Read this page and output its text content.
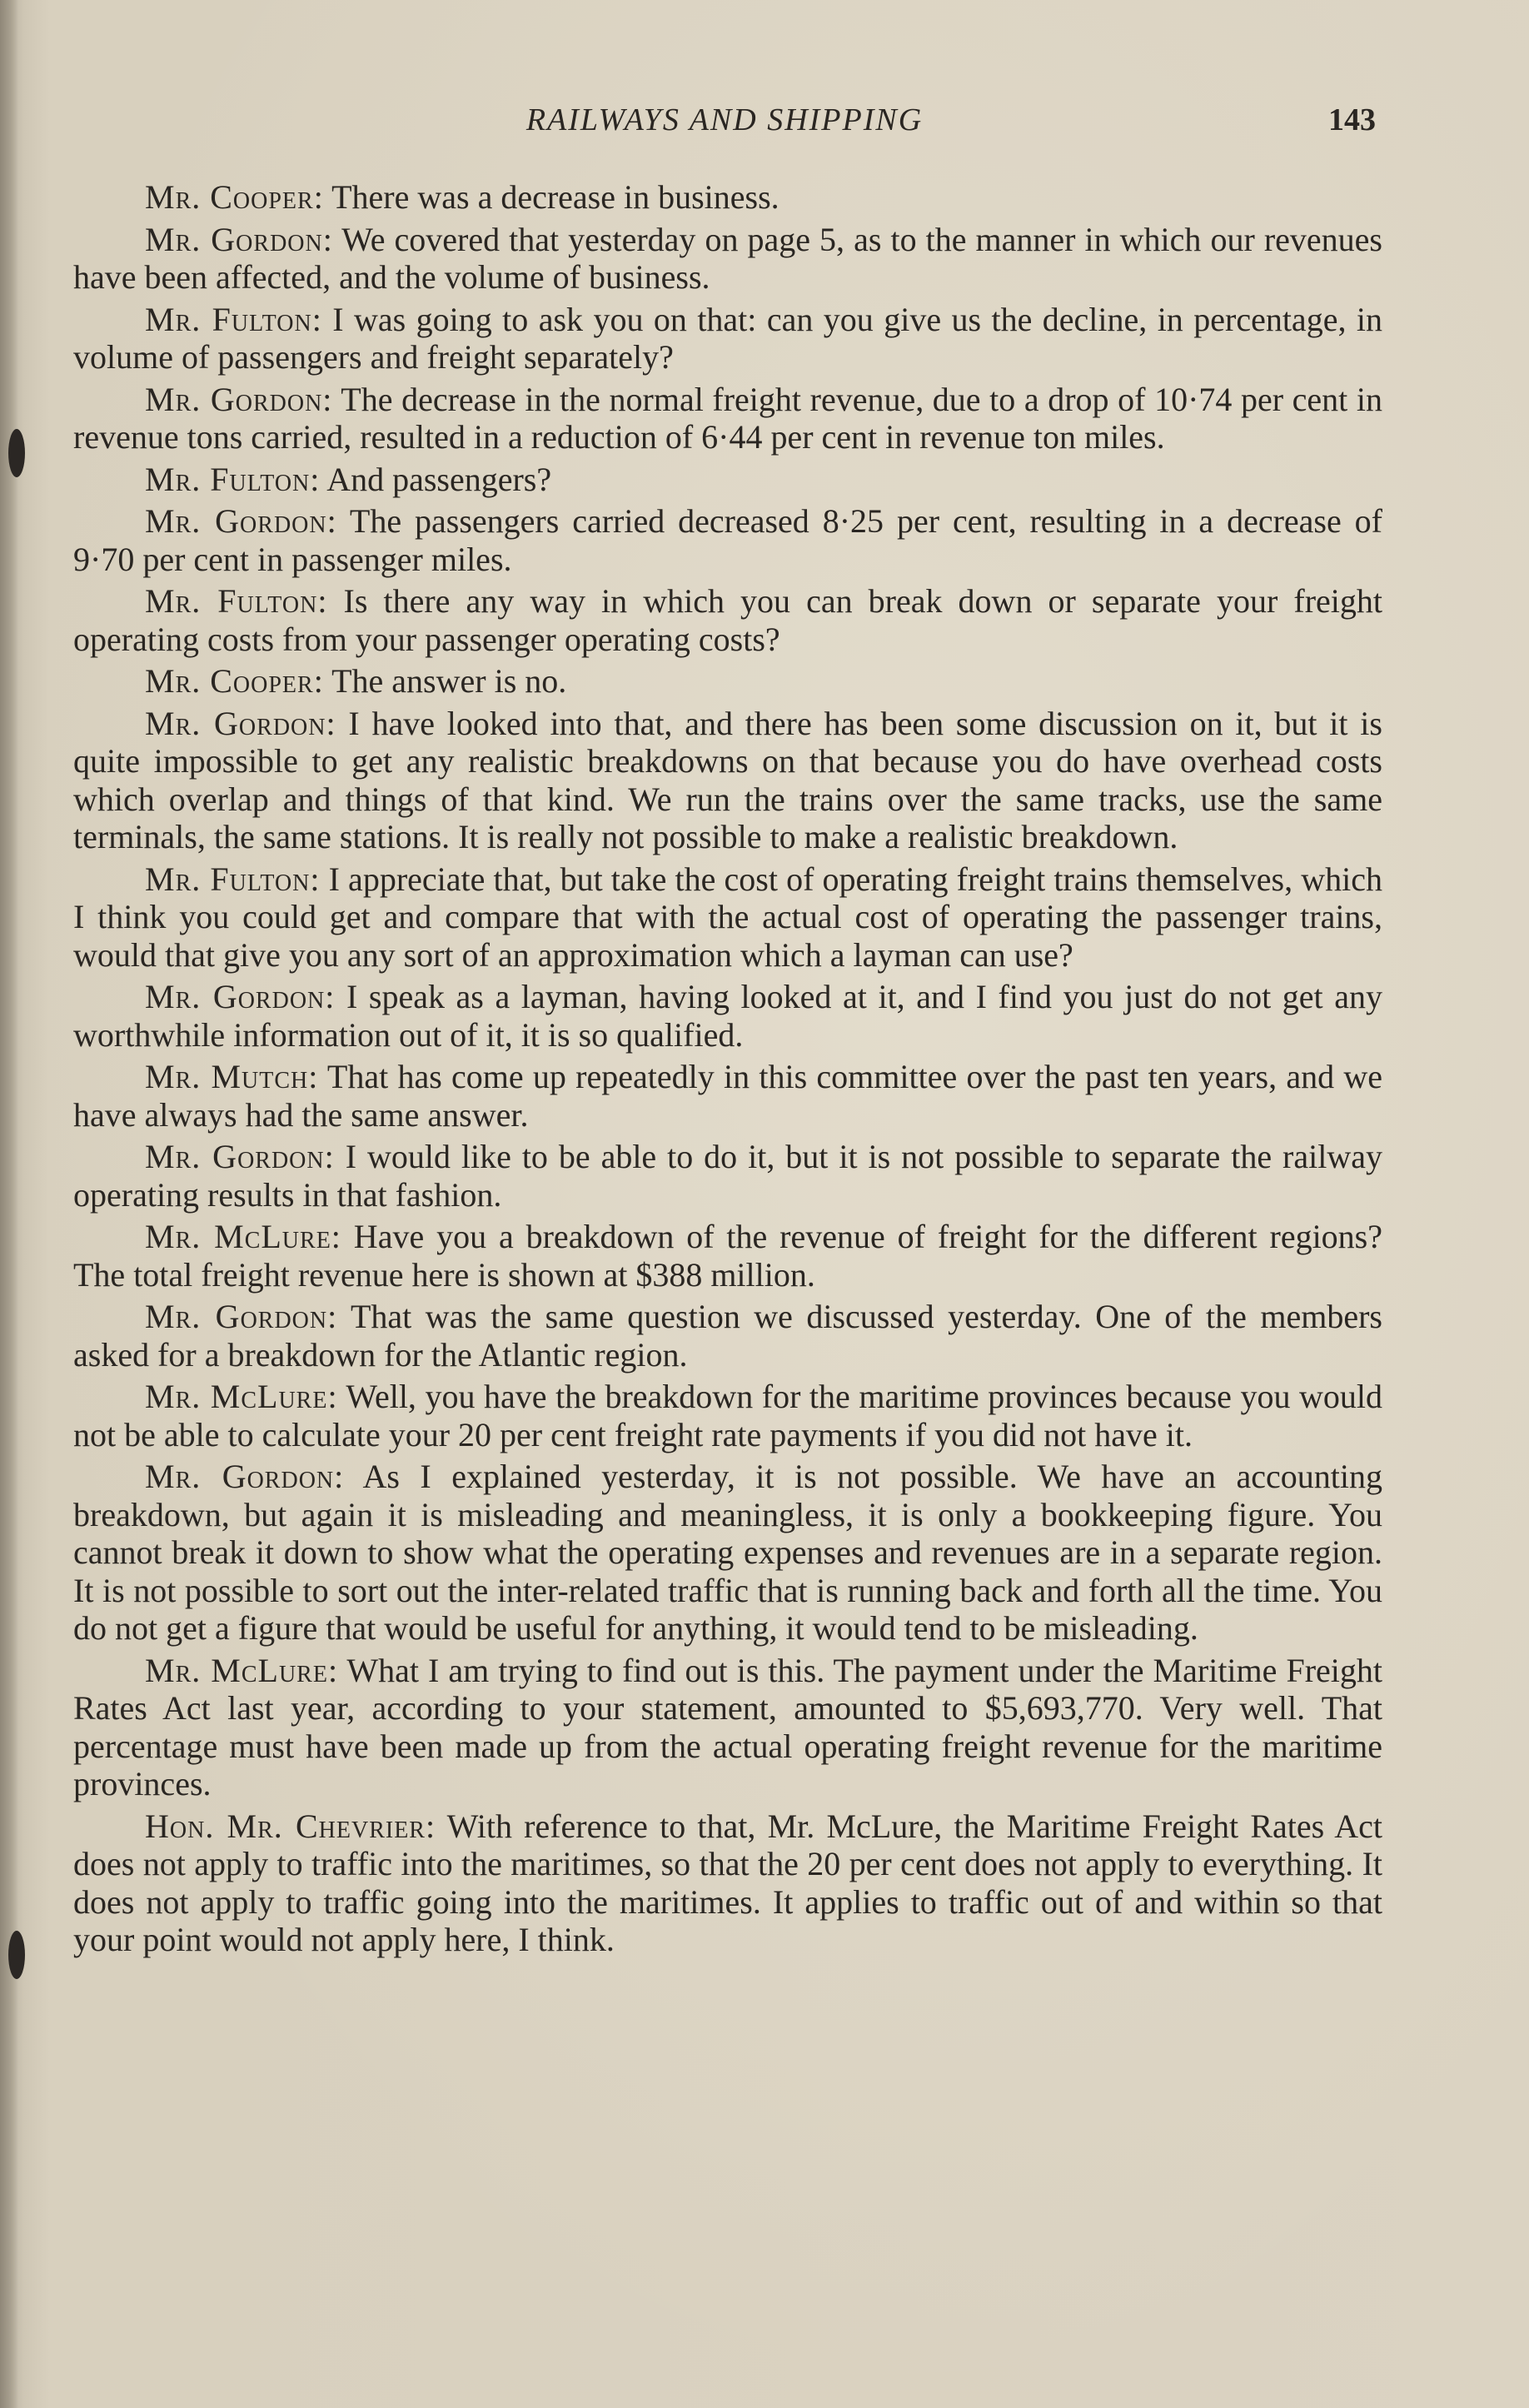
RAILWAYS AND SHIPPING	143

Mr. Cooper: There was a decrease in business.

Mr. Gordon: We covered that yesterday on page 5, as to the manner in which our revenues have been affected, and the volume of business.

Mr. Fulton: I was going to ask you on that: can you give us the decline, in percentage, in volume of passengers and freight separately?

Mr. Gordon: The decrease in the normal freight revenue, due to a drop of 10·74 per cent in revenue tons carried, resulted in a reduction of 6·44 per cent in revenue ton miles.

Mr. Fulton: And passengers?

Mr. Gordon: The passengers carried decreased 8·25 per cent, resulting in a decrease of 9·70 per cent in passenger miles.

Mr. Fulton: Is there any way in which you can break down or separate your freight operating costs from your passenger operating costs?

Mr. Cooper: The answer is no.

Mr. Gordon: I have looked into that, and there has been some discussion on it, but it is quite impossible to get any realistic breakdowns on that because you do have overhead costs which overlap and things of that kind. We run the trains over the same tracks, use the same terminals, the same stations. It is really not possible to make a realistic breakdown.

Mr. Fulton: I appreciate that, but take the cost of operating freight trains themselves, which I think you could get and compare that with the actual cost of operating the passenger trains, would that give you any sort of an approximation which a layman can use?

Mr. Gordon: I speak as a layman, having looked at it, and I find you just do not get any worthwhile information out of it, it is so qualified.

Mr. Mutch: That has come up repeatedly in this committee over the past ten years, and we have always had the same answer.

Mr. Gordon: I would like to be able to do it, but it is not possible to separate the railway operating results in that fashion.

Mr. McLure: Have you a breakdown of the revenue of freight for the different regions? The total freight revenue here is shown at $388 million.

Mr. Gordon: That was the same question we discussed yesterday. One of the members asked for a breakdown for the Atlantic region.

Mr. McLure: Well, you have the breakdown for the maritime provinces because you would not be able to calculate your 20 per cent freight rate payments if you did not have it.

Mr. Gordon: As I explained yesterday, it is not possible. We have an accounting breakdown, but again it is misleading and meaningless, it is only a bookkeeping figure. You cannot break it down to show what the operating expenses and revenues are in a separate region. It is not possible to sort out the inter-related traffic that is running back and forth all the time. You do not get a figure that would be useful for anything, it would tend to be misleading.

Mr. McLure: What I am trying to find out is this. The payment under the Maritime Freight Rates Act last year, according to your statement, amounted to $5,693,770. Very well. That percentage must have been made up from the actual operating freight revenue for the maritime provinces.

Hon. Mr. Chevrier: With reference to that, Mr. McLure, the Maritime Freight Rates Act does not apply to traffic into the maritimes, so that the 20 per cent does not apply to everything. It does not apply to traffic going into the maritimes. It applies to traffic out of and within so that your point would not apply here, I think.
